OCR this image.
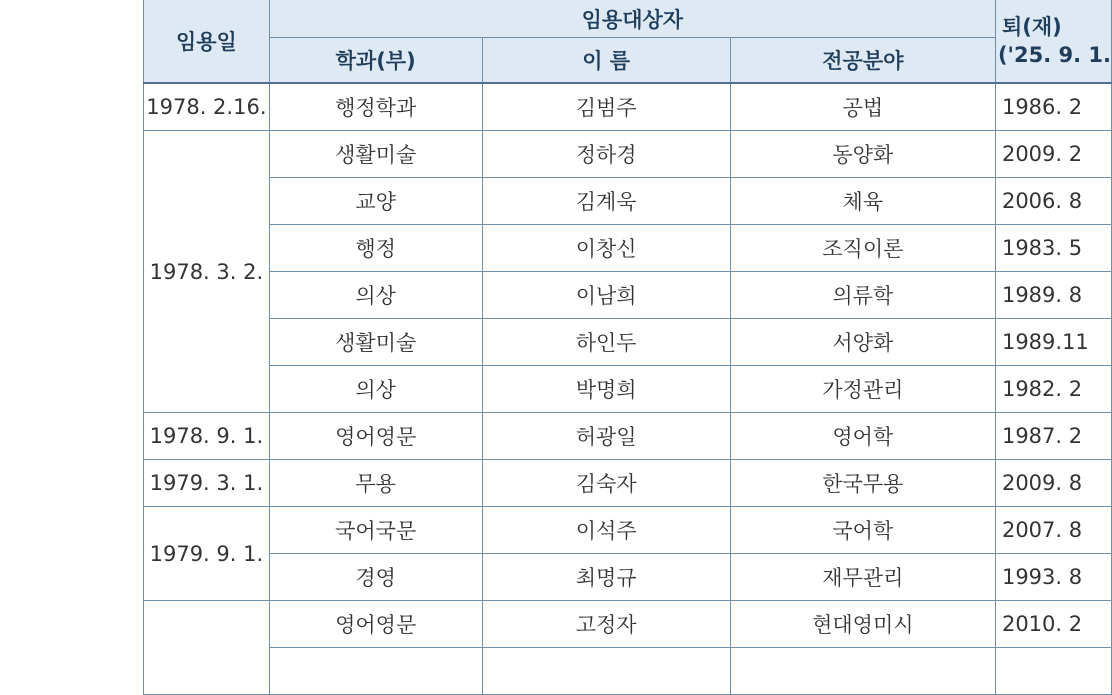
임용일	임용대상자			퇴(재)
('25. 9. 1.

	학과(부)	이 름	전공분야	
1978. 2.16.	행정학과	김범주	공법	1986. 2
1978. 3. 2.	생활미술	정하경	동양화	2009. 2
	교양	김계욱	체육	2006. 8
	행정	이창신	조직이론	1983. 5
	의상	이남희	의류학	1989. 8
	생활미술	하인두	서양화	1989.11
	의상	박명희	가정관리	1982. 2
1978. 9. 1.	영어영문	허광일	영어학	1987. 2
1979. 3. 1.	무용	김숙자	한국무용	2009. 8
1979. 9. 1.	국어국문	이석주	국어학	2007. 8
	경영	최명규	재무관리	1993. 8
	영어영문	고정자	현대영미시	2010. 2
